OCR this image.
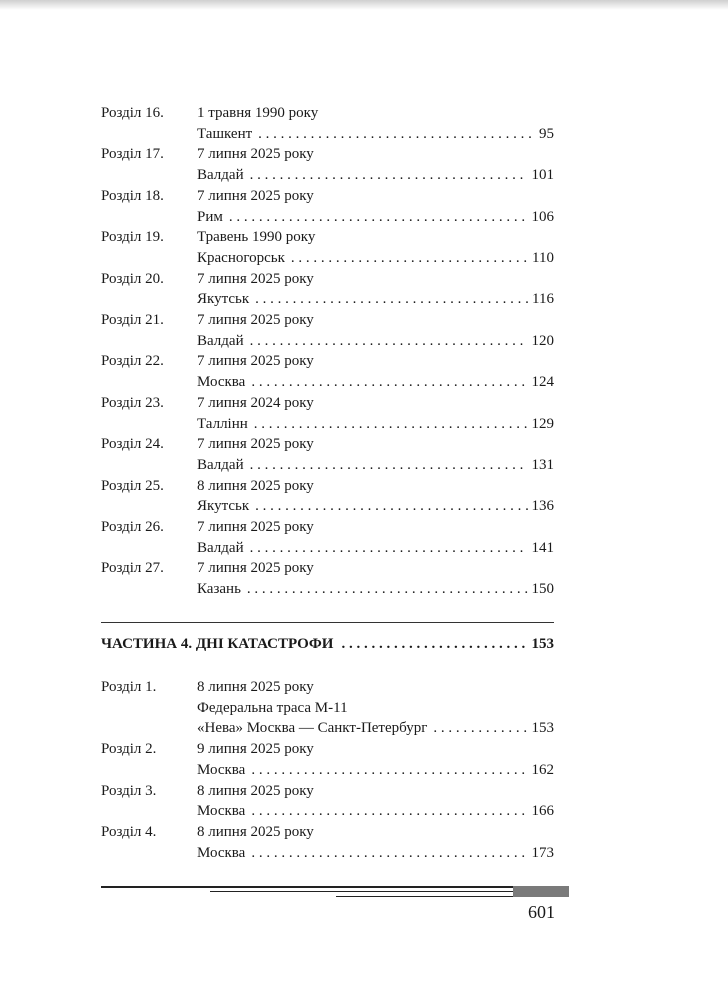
Розділ 16.	1 травня 1990 року
Ташкент . . .	95
Розділ 17.	7 липня 2025 року
Валдай . . .	101
Розділ 18.	7 липня 2025 року
Рим . . .	106
Розділ 19.	Травень 1990 року
Красногорськ . . .	110
Розділ 20.	7 липня 2025 року
Якутськ . . .	116
Розділ 21.	7 липня 2025 року
Валдай . . .	120
Розділ 22.	7 липня 2025 року
Москва . . .	124
Розділ 23.	7 липня 2024 року
Таллінн . . .	129
Розділ 24.	7 липня 2025 року
Валдай . . .	131
Розділ 25.	8 липня 2025 року
Якутськ . . .	136
Розділ 26.	7 липня 2025 року
Валдай . . .	141
Розділ 27.	7 липня 2025 року
Казань . . .	150
ЧАСТИНА 4. ДНІ КАТАСТРОФИ . . .	153
Розділ 1.	8 липня 2025 року
Федеральна траса М-11
«Нева» Москва — Санкт-Петербург . . .	153
Розділ 2.	9 липня 2025 року
Москва . . .	162
Розділ 3.	8 липня 2025 року
Москва . . .	166
Розділ 4.	8 липня 2025 року
Москва . . .	173
601
